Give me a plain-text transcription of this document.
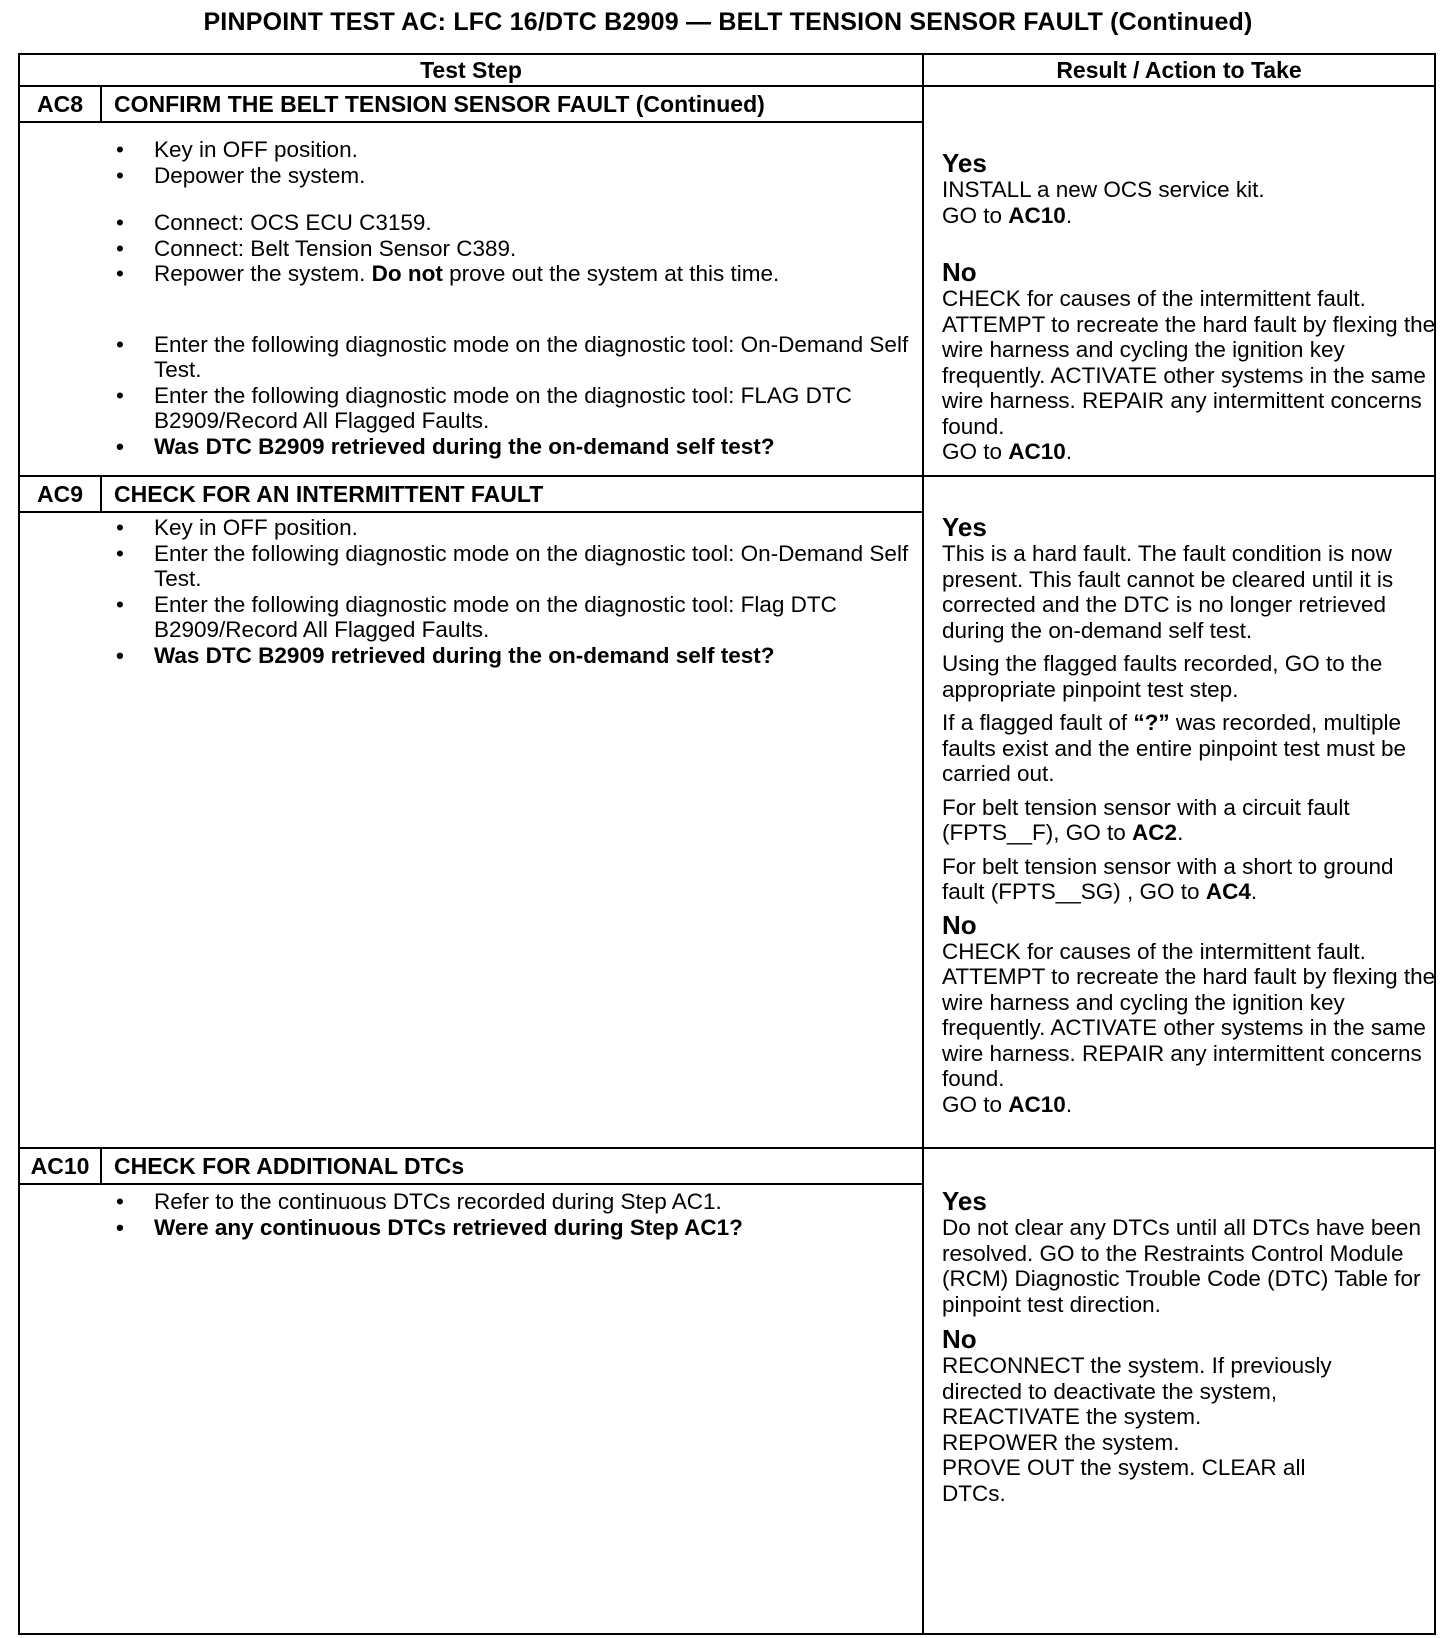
PINPOINT TEST AC: LFC 16/DTC B2909 — BELT TENSION SENSOR FAULT (Continued)
Test Step	Result / Action to Take
AC8	CONFIRM THE BELT TENSION SENSOR FAULT (Continued)
• Key in OFF position.
• Depower the system.
• Connect: OCS ECU C3159.
• Connect: Belt Tension Sensor C389.
• Repower the system. Do not prove out the system at this time.
• Enter the following diagnostic mode on the diagnostic tool: On-Demand Self Test.
• Enter the following diagnostic mode on the diagnostic tool: FLAG DTC B2909/Record All Flagged Faults.
• Was DTC B2909 retrieved during the on-demand self test?
Yes

INSTALL a new OCS service kit.

GO to AC10.

No

CHECK for causes of the intermittent fault. ATTEMPT to recreate the hard fault by flexing the wire harness and cycling the ignition key frequently. ACTIVATE other systems in the same wire harness. REPAIR any intermittent concerns found.

GO to AC10.

AC9	CHECK FOR AN INTERMITTENT FAULT
• Key in OFF position.
• Enter the following diagnostic mode on the diagnostic tool: On-Demand Self Test.
• Enter the following diagnostic mode on the diagnostic tool: Flag DTC B2909/Record All Flagged Faults.
• Was DTC B2909 retrieved during the on-demand self test?
Yes

This is a hard fault. The fault condition is now present. This fault cannot be cleared until it is corrected and the DTC is no longer retrieved during the on-demand self test.

Using the flagged faults recorded, GO to the appropriate pinpoint test step.

If a flagged fault of “?” was recorded, multiple faults exist and the entire pinpoint test must be carried out.

For belt tension sensor with a circuit fault (FPTS__F), GO to AC2.

For belt tension sensor with a short to ground fault (FPTS__SG) , GO to AC4.

No

CHECK for causes of the intermittent fault. ATTEMPT to recreate the hard fault by flexing the wire harness and cycling the ignition key frequently. ACTIVATE other systems in the same wire harness. REPAIR any intermittent concerns found.

GO to AC10.

AC10	CHECK FOR ADDITIONAL DTCs
• Refer to the continuous DTCs recorded during Step AC1.
• Were any continuous DTCs retrieved during Step AC1?
Yes

Do not clear any DTCs until all DTCs have been resolved. GO to the Restraints Control Module (RCM) Diagnostic Trouble Code (DTC) Table for pinpoint test direction.

No

RECONNECT the system. If previously directed to deactivate the system,

REACTIVATE the system.

REPOWER the system.

PROVE OUT the system. CLEAR all DTCs.
